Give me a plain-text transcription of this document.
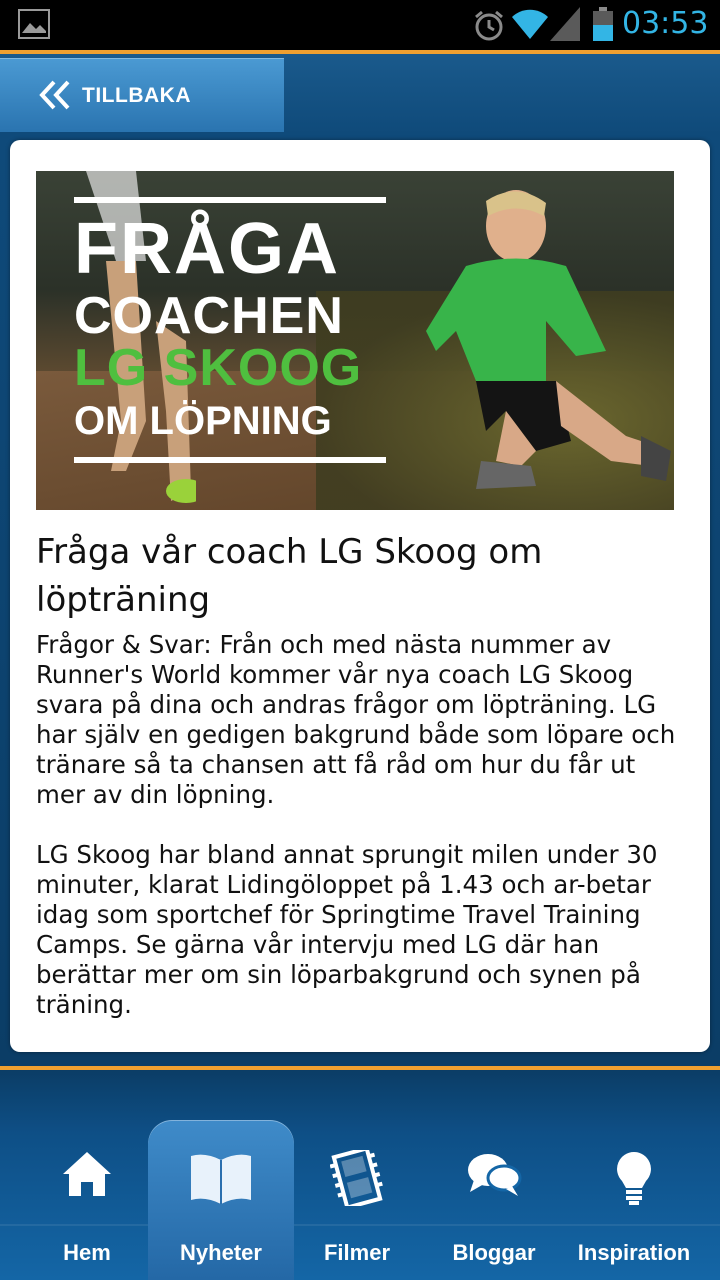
03:53
TILLBAKA
FRÅGA
COACHEN
LG SKOOG
OM LÖPNING
Fråga vår coach LG Skoog om löpträning

Frågor & Svar: Från och med nästa nummer av Runner's World kommer vår nya coach LG Skoog svara på dina och andras frågor om löpträning. LG har själv en gedigen bakgrund både som löpare och tränare så ta chansen att få råd om hur du får ut mer av din löpning.

LG Skoog har bland annat sprungit milen under 30 minuter, klarat Lidingöloppet på 1.43 och ar-betar idag som sportchef för Springtime Travel Training Camps. Se gärna vår intervju med LG där han berättar mer om sin löparbakgrund och synen på träning.

Hem	Nyheter	Filmer	Bloggar	Inspiration
